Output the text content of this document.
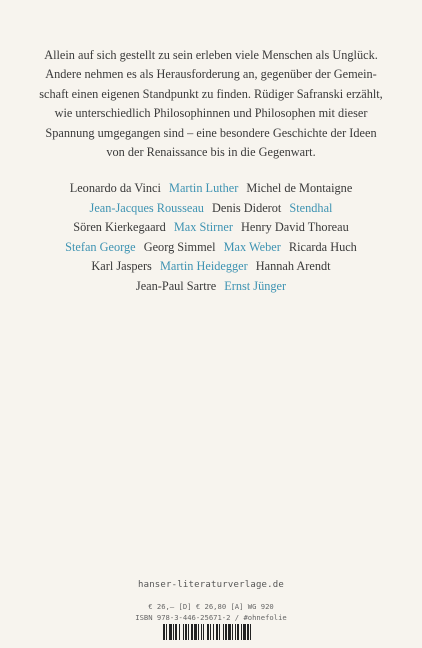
Allein auf sich gestellt zu sein erleben viele Menschen als Unglück.
Andere nehmen es als Herausforderung an, gegenüber der Gemein-
schaft einen eigenen Standpunkt zu finden. Rüdiger Safranski erzählt,
wie unterschiedlich Philosophinnen und Philosophen mit dieser
Spannung umgegangen sind – eine besondere Geschichte der Ideen
von der Renaissance bis in die Gegenwart.
Leonardo da Vinci Martin Luther Michel de Montaigne
Jean-Jacques Rousseau Denis Diderot Stendhal
Sören Kierkegaard Max Stirner Henry David Thoreau
Stefan George Georg Simmel Max Weber Ricarda Huch
Karl Jaspers Martin Heidegger Hannah Arendt
Jean-Paul Sartre Ernst Jünger
hanser-literaturverlage.de
€ 26,– [D] € 26,80 [A] WG 920
ISBN 978-3-446-25671-2 / #ohnefolie
